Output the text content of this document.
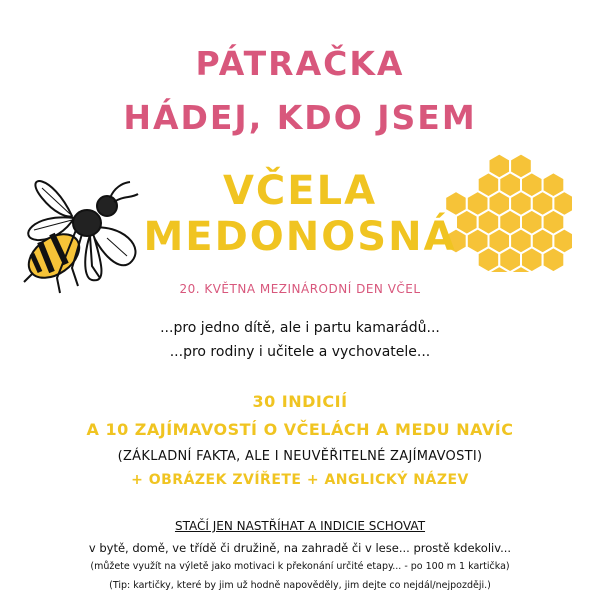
PÁTRAČKA
HÁDEJ, KDO JSEM
VČELA
MEDONOSNÁ
20. KVĚTNA MEZINÁRODNÍ DEN VČEL
...pro jedno dítě, ale i partu kamarádů...
...pro rodiny i učitele a vychovatele...
30 INDICIÍ
A 10 ZAJÍMAVOSTÍ O VČELÁCH A MEDU NAVÍC
(ZÁKLADNÍ FAKTA, ALE I NEUVĚŘITELNÉ ZAJÍMAVOSTI)
+ OBRÁZEK ZVÍŘETE + ANGLICKÝ NÁZEV
STAČÍ JEN NASTŘÍHAT A INDICIE SCHOVAT
v bytě, domě, ve třídě či družině, na zahradě či v lese... prostě kdekoliv...
(můžete využít na výletě jako motivaci k překonání určité etapy... - po 100 m 1 kartička)
(Tip: kartičky, které by jim už hodně napověděly, jim dejte co nejdál/nejpozději.)
